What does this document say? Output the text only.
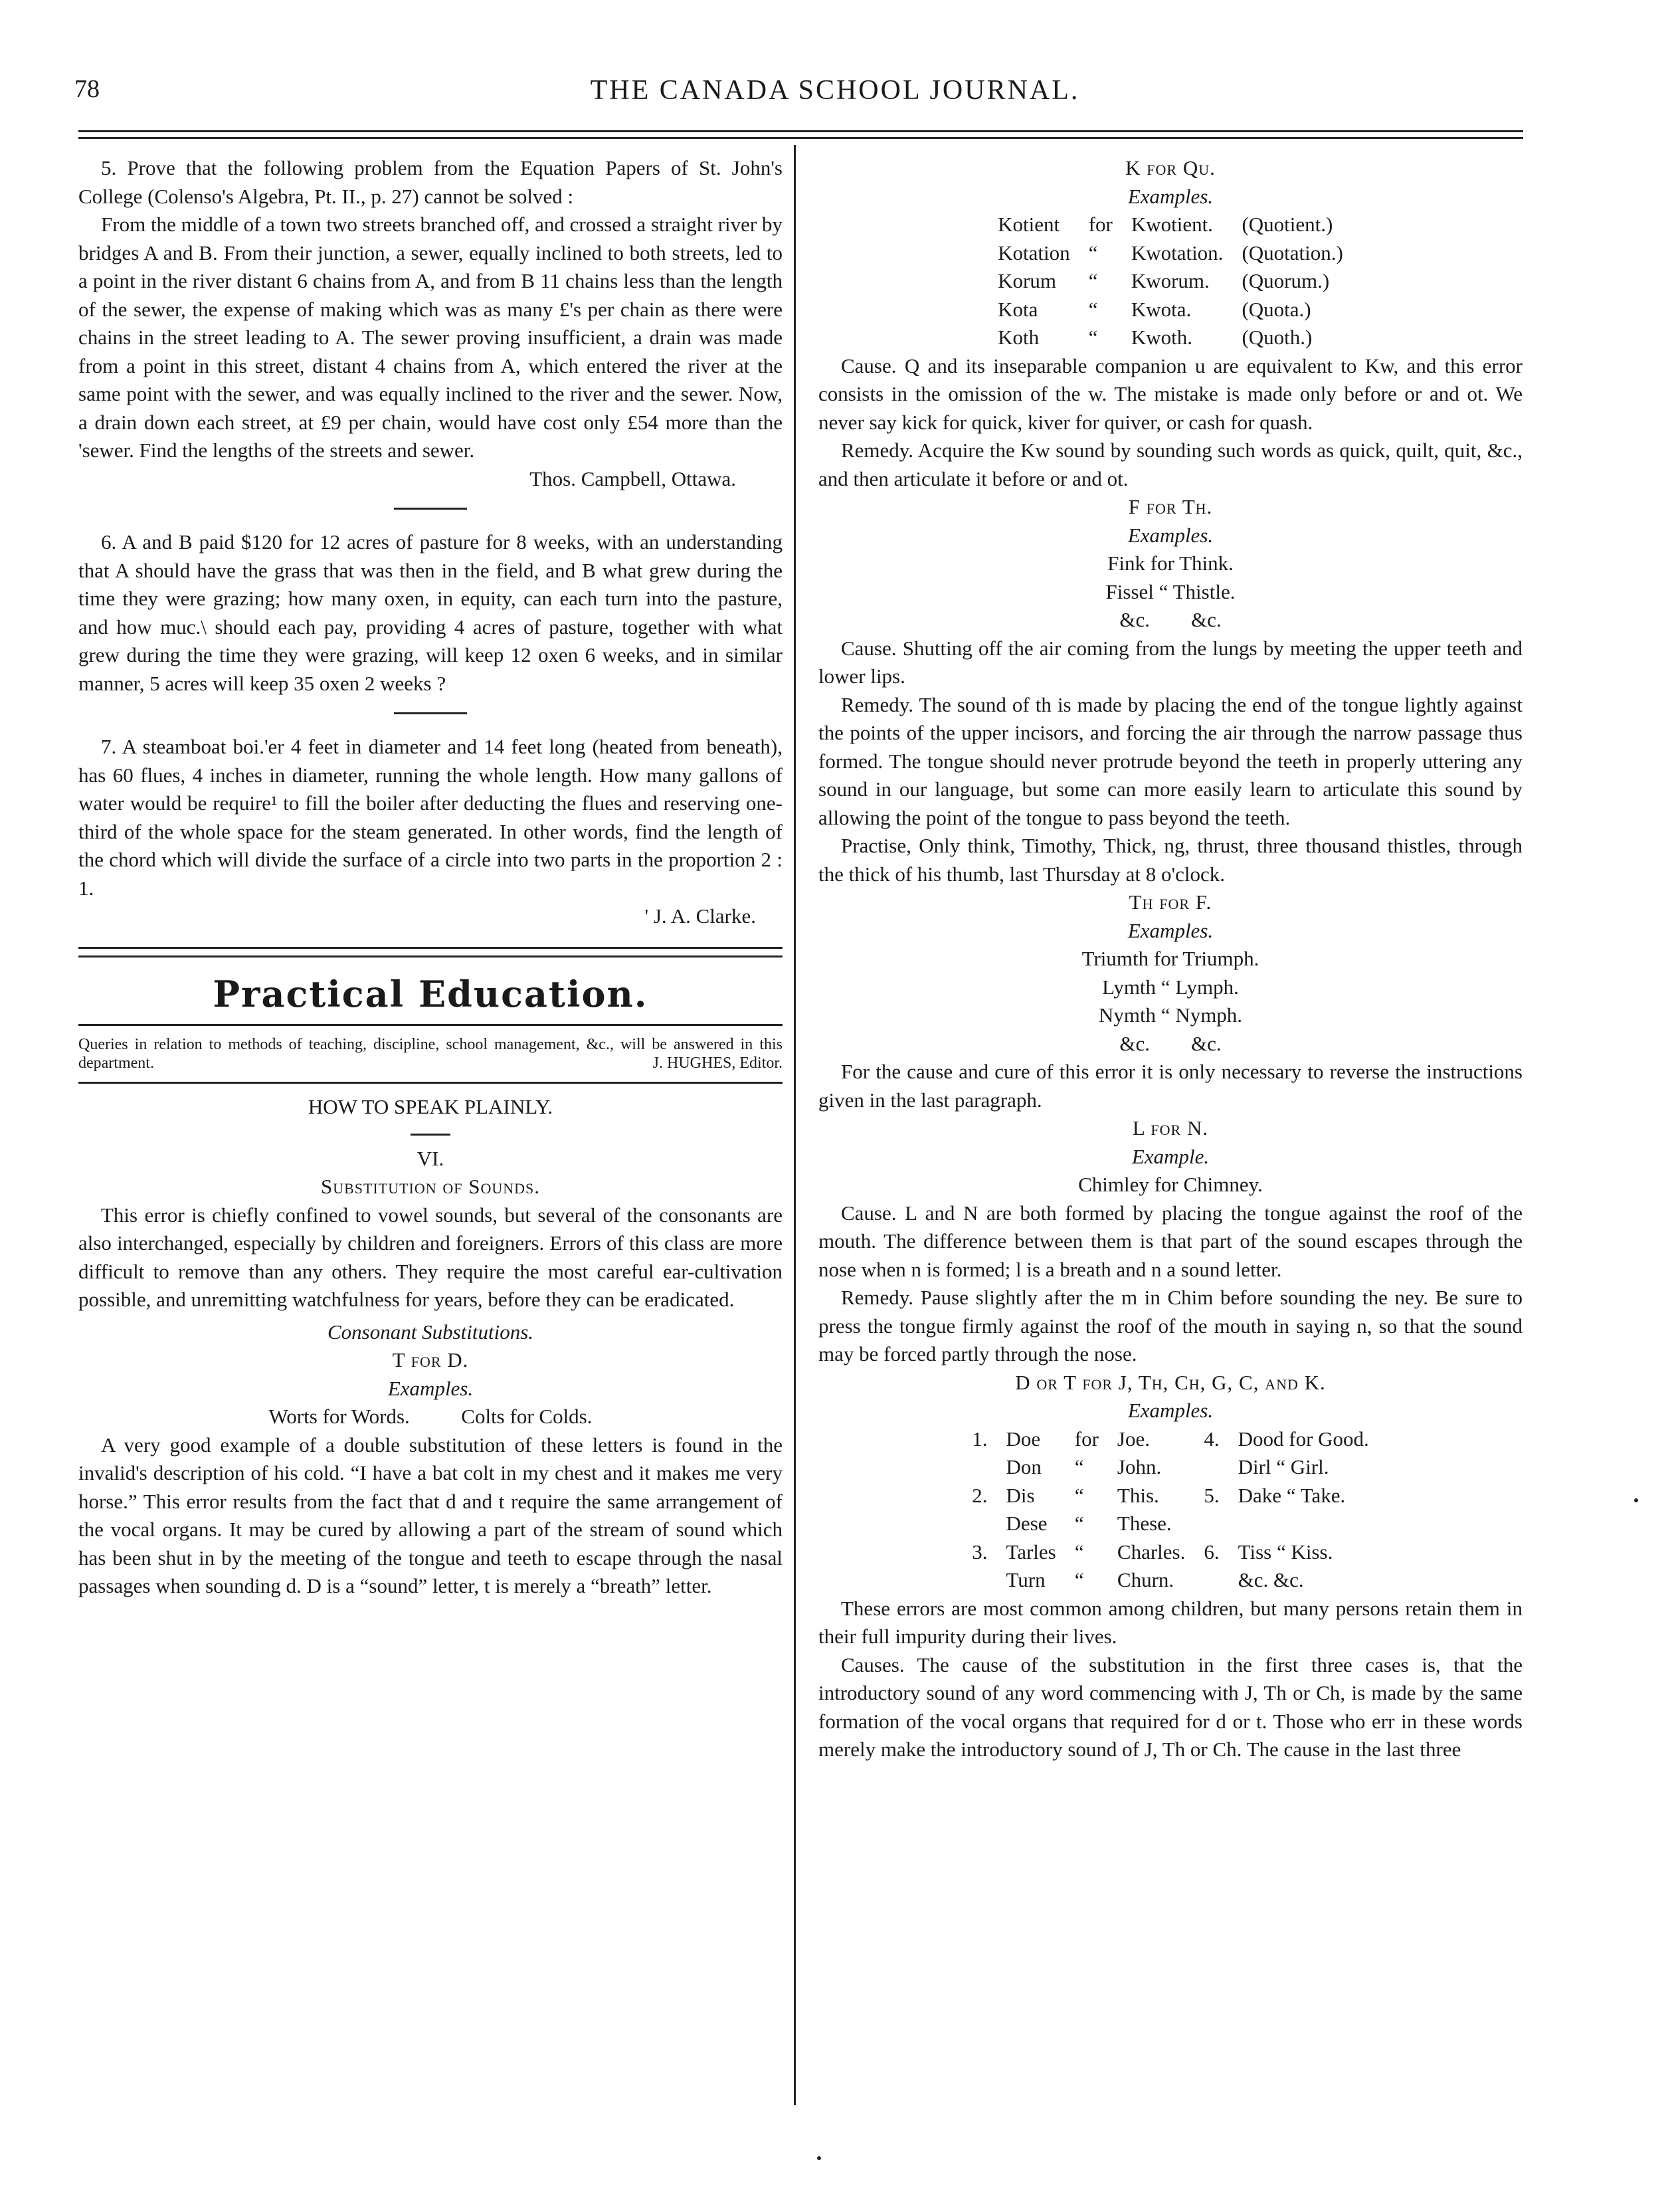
78	THE CANADA SCHOOL JOURNAL.

5. Prove that the following problem from the Equation Papers of St. John's College (Colenso's Algebra, Pt. II., p. 27) cannot be solved :

From the middle of a town two streets branched off, and crossed a straight river by bridges A and B. From their junction, a sewer, equally inclined to both streets, led to a point in the river distant 6 chains from A, and from B 11 chains less than the length of the sewer, the expense of making which was as many £'s per chain as there were chains in the street leading to A. The sewer proving insufficient, a drain was made from a point in this street, distant 4 chains from A, which entered the river at the same point with the sewer, and was equally inclined to the river and the sewer. Now, a drain down each street, at £9 per chain, would have cost only £54 more than the 'sewer. Find the lengths of the streets and sewer.

Thos. Campbell, Ottawa.

6. A and B paid $120 for 12 acres of pasture for 8 weeks, with an understanding that A should have the grass that was then in the field, and B what grew during the time they were grazing; how many oxen, in equity, can each turn into the pasture, and how muc.\ should each pay, providing 4 acres of pasture, together with what grew during the time they were grazing, will keep 12 oxen 6 weeks, and in similar manner, 5 acres will keep 35 oxen 2 weeks ?

7. A steamboat boi.'er 4 feet in diameter and 14 feet long (heated from beneath), has 60 flues, 4 inches in diameter, running the whole length. How many gallons of water would be require¹ to fill the boiler after deducting the flues and reserving one-third of the whole space for the steam generated. In other words, find the length of the chord which will divide the surface of a circle into two parts in the proportion 2 : 1.

' J. A. Clarke.

Practical Education.

Queries in relation to methods of teaching, discipline, school management, &c., will be answered in this department.	J. HUGHES, Editor.

HOW TO SPEAK PLAINLY.

VI.

Substitution of Sounds.

This error is chiefly confined to vowel sounds, but several of the consonants are also interchanged, especially by children and foreigners. Errors of this class are more difficult to remove than any others. They require the most careful ear-cultivation possible, and unremitting watchfulness for years, before they can be eradicated.

Consonant Substitutions.

T for D.

Examples.

Worts for Words.	Colts for Colds.

A very good example of a double substitution of these letters is found in the invalid's description of his cold. “I have a bat colt in my chest and it makes me very horse.” This error results from the fact that d and t require the same arrangement of the vocal organs. It may be cured by allowing a part of the stream of sound which has been shut in by the meeting of the tongue and teeth to escape through the nasal passages when sounding d. D is a “sound” letter, t is merely a “breath” letter.

K for Qu.

Examples.

Kotient	for	Kwotient.	(Quotient.)
Kotation	“	Kwotation.	(Quotation.)
Korum	“	Kworum.	(Quorum.)
Kota	“	Kwota.	(Quota.)
Koth	“	Kwoth.	(Quoth.)

Cause. Q and its inseparable companion u are equivalent to Kw, and this error consists in the omission of the w. The mistake is made only before or and ot. We never say kick for quick, kiver for quiver, or cash for quash.

Remedy. Acquire the Kw sound by sounding such words as quick, quilt, quit, &c., and then articulate it before or and ot.

F for Th.

Examples.

Fink for Think.

Fissel “ Thistle.

&c.        &c.

Cause. Shutting off the air coming from the lungs by meeting the upper teeth and lower lips.

Remedy. The sound of th is made by placing the end of the tongue lightly against the points of the upper incisors, and forcing the air through the narrow passage thus formed. The tongue should never protrude beyond the teeth in properly uttering any sound in our language, but some can more easily learn to articulate this sound by allowing the point of the tongue to pass beyond the teeth.

Practise, Only think, Timothy, Thick, ng, thrust, three thousand thistles, through the thick of his thumb, last Thursday at 8 o'clock.

Th for F.

Examples.

Triumth for Triumph.

Lymth “ Lymph.

Nymth “ Nymph.

&c.        &c.

For the cause and cure of this error it is only necessary to reverse the instructions given in the last paragraph.

L for N.

Example.

Chimley for Chimney.

Cause. L and N are both formed by placing the tongue against the roof of the mouth. The difference between them is that part of the sound escapes through the nose when n is formed; l is a breath and n a sound letter.

Remedy. Pause slightly after the m in Chim before sounding the ney. Be sure to press the tongue firmly against the roof of the mouth in saying n, so that the sound may be forced partly through the nose.

D or T for J, Th, Ch, G, C, and K.

Examples.

1.	Doe	for	Joe.	4.	Dood for Good.
	Don	“	John.		Dirl “ Girl.
2.	Dis	“	This.	5.	Dake “ Take.
	Dese	“	These.		
3.	Tarles	“	Charles.	6.	Tiss “ Kiss.
	Turn	“	Churn.		&c. &c.

These errors are most common among children, but many persons retain them in their full impurity during their lives.

Causes. The cause of the substitution in the first three cases is, that the introductory sound of any word commencing with J, Th or Ch, is made by the same formation of the vocal organs that required for d or t. Those who err in these words merely make the introductory sound of J, Th or Ch. The cause in the last three
